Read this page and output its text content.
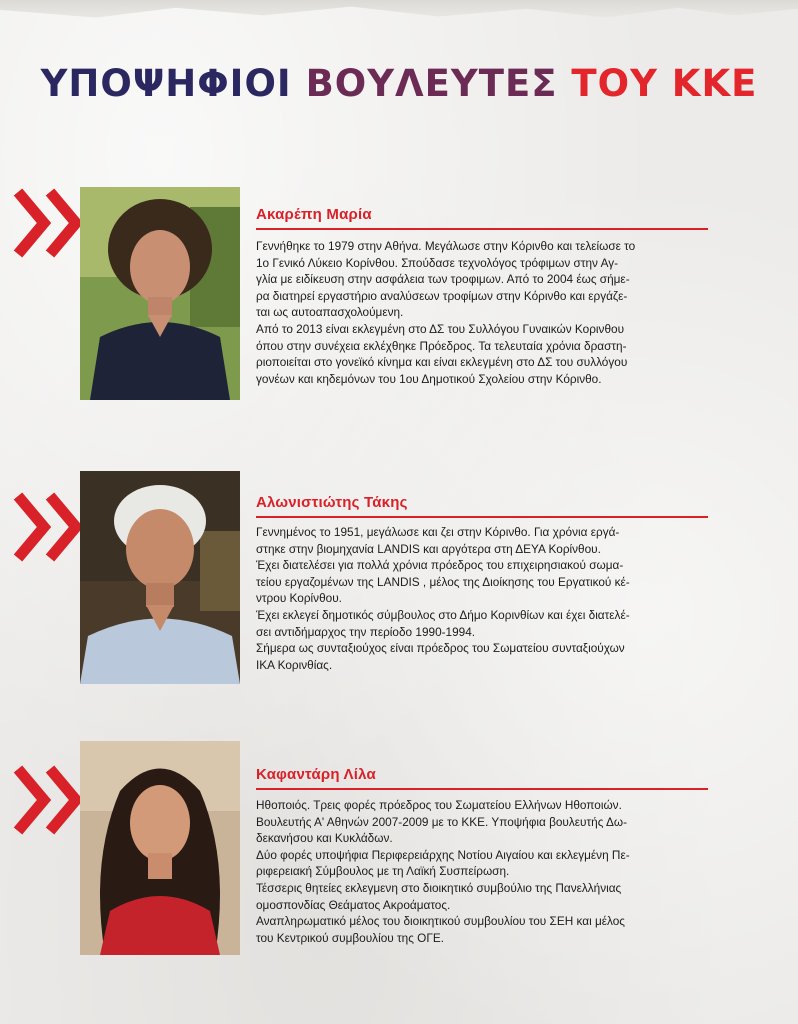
ΥΠΟΨΗΦΙΟΙ ΒΟΥΛΕΥΤΕΣ ΤΟΥ ΚΚΕ
Ακαρέπη Μαρία

Γεννήθηκε το 1979 στην Αθήνα. Μεγάλωσε στην Κόρινθο και τελείωσε το

1ο Γενικό Λύκειο Κορίνθου. Σπούδασε τεχνολόγος τρόφιμων στην Αγ-

γλία με ειδίκευση στην ασφάλεια των τροφιμων. Από το 2004 έως σήμε-

ρα διατηρεί εργαστήριο αναλύσεων τροφίμων στην Κόρινθο και εργάζε-

ται ως αυτοαπασχολούμενη.

Από το 2013 είναι εκλεγμένη στο ΔΣ του Συλλόγου Γυναικών Κορινθου

όπου στην συνέχεια εκλέχθηκε Πρόεδρος. Τα τελευταία χρόνια δραστη-

ριοποιείται στο γονεϊκό κίνημα και είναι εκλεγμένη στο ΔΣ του συλλόγου

γονέων και κηδεμόνων του 1ου Δημοτικού Σχολείου στην Κόρινθο.

Αλωνιστιώτης Τάκης

Γεννημένος το 1951, μεγάλωσε και ζει στην Κόρινθο. Για χρόνια εργά-

στηκε στην βιομηχανία LANDIS και αργότερα στη ΔΕΥΑ Κορίνθου.

Έχει διατελέσει για πολλά χρόνια πρόεδρος του επιχειρησιακού σωμα-

τείου εργαζομένων της LANDIS , μέλος της Διοίκησης του Εργατικού κέ-

ντρου Κορίνθου.

Έχει εκλεγεί δημοτικός σύμβουλος στο Δήμο Κορινθίων και έχει διατελέ-

σει αντιδήμαρχος την περίοδο 1990-1994.

Σήμερα ως συνταξιούχος είναι πρόεδρος του Σωματείου συνταξιούχων

ΙΚΑ Κορινθίας.

Καφαντάρη Λίλα

Ηθοποιός. Τρεις φορές πρόεδρος του Σωματείου Ελλήνων Ηθοποιών.

Βουλευτής Α' Αθηνών 2007-2009 με το ΚΚΕ. Υποψήφια βουλευτής Δω-

δεκανήσου και Κυκλάδων.

Δύο φορές υποψήφια Περιφερειάρχης Νοτίου Αιγαίου και εκλεγμένη Πε-

ριφερειακή Σύμβουλος με τη Λαϊκή Συσπείρωση.

Τέσσερις θητείες εκλεγμενη στο διοικητικό συμβούλιο της Πανελλήνιας

ομοσπονδίας Θεάματος Ακροάματος.

Αναπληρωματικό μέλος του διοικητικού συμβουλίου του ΣΕΗ και μέλος

του Κεντρικού συμβουλίου της ΟΓΕ.
